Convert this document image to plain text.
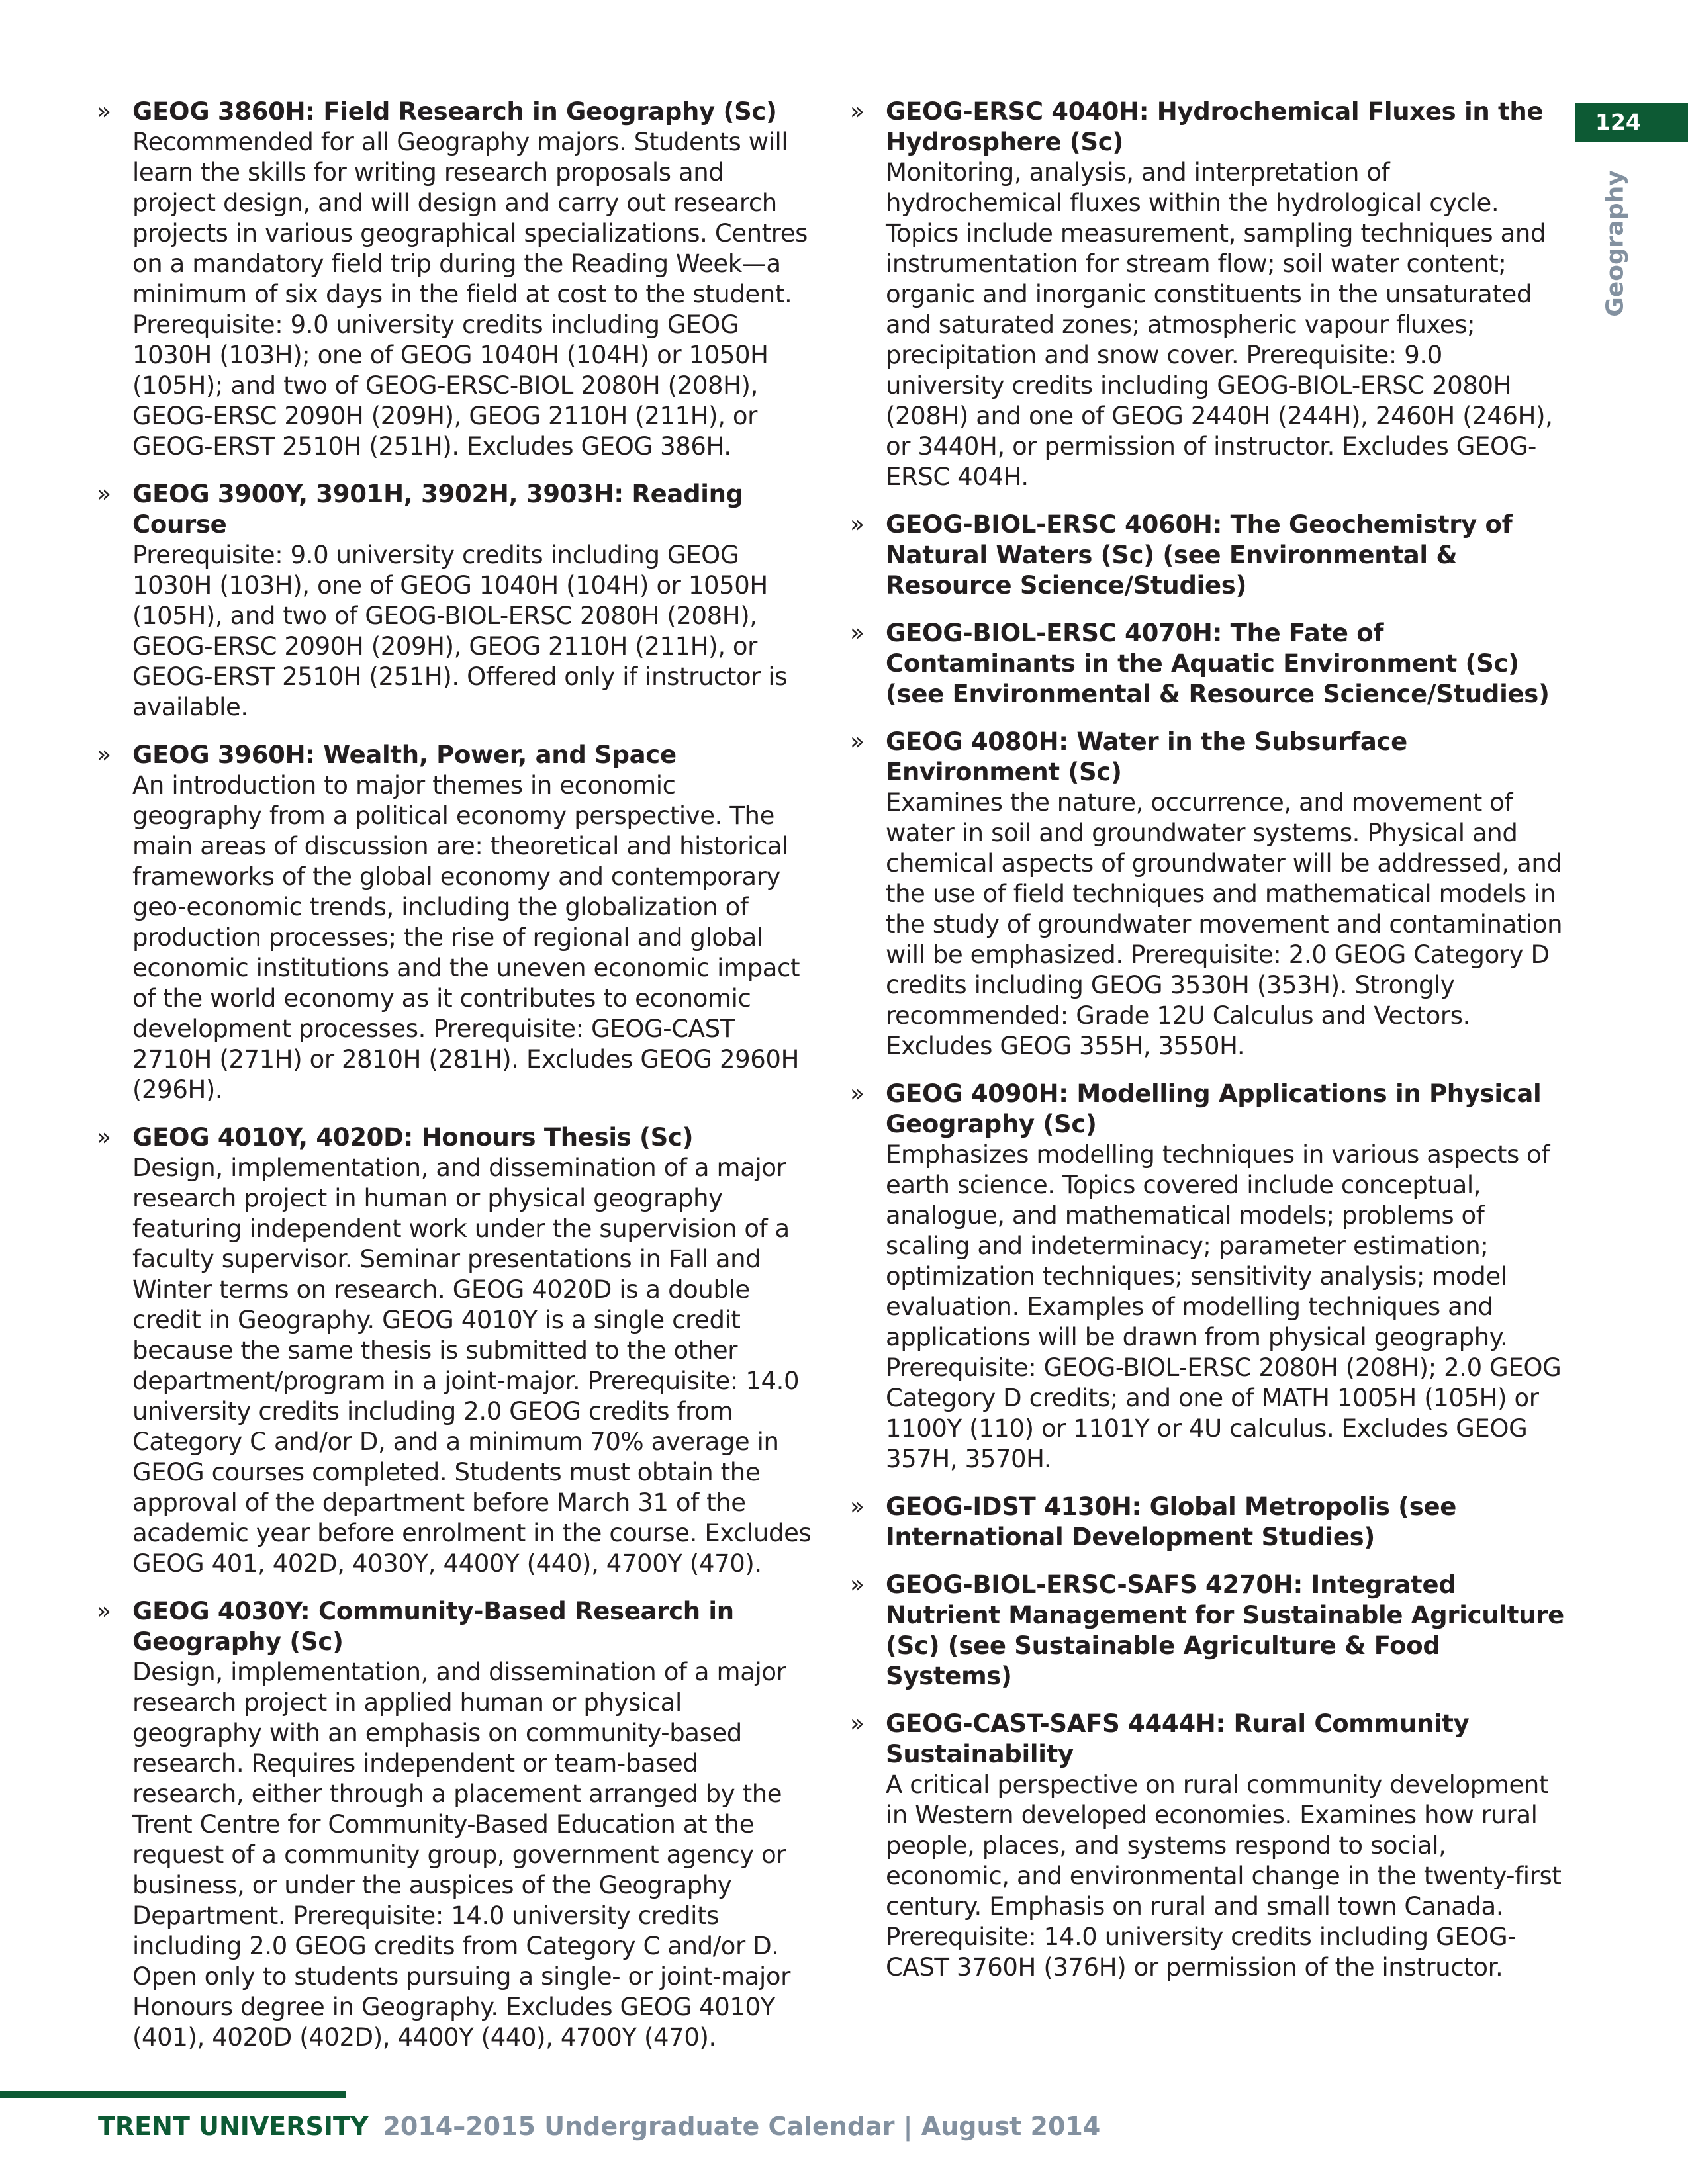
124
Geography
» GEOG 3860H: Field Research in Geography (Sc)
Recommended for all Geography majors. Students will learn the skills for writing research proposals and project design, and will design and carry out research projects in various geographical specializations. Centres on a mandatory field trip during the Reading Week—a minimum of six days in the field at cost to the student. Prerequisite: 9.0 university credits including GEOG 1030H (103H); one of GEOG 1040H (104H) or 1050H (105H); and two of GEOG-ERSC-BIOL 2080H (208H), GEOG-ERSC 2090H (209H), GEOG 2110H (211H), or GEOG-ERST 2510H (251H). Excludes GEOG 386H.
» GEOG 3900Y, 3901H, 3902H, 3903H: Reading Course
Prerequisite: 9.0 university credits including GEOG 1030H (103H), one of GEOG 1040H (104H) or 1050H (105H), and two of GEOG-BIOL-ERSC 2080H (208H), GEOG-ERSC 2090H (209H), GEOG 2110H (211H), or GEOG-ERST 2510H (251H). Offered only if instructor is available.
» GEOG 3960H: Wealth, Power, and Space
An introduction to major themes in economic geography from a political economy perspective. The main areas of discussion are: theoretical and historical frameworks of the global economy and contemporary geo-economic trends, including the globalization of production processes; the rise of regional and global economic institutions and the uneven economic impact of the world economy as it contributes to economic development processes. Prerequisite: GEOG-CAST 2710H (271H) or 2810H (281H). Excludes GEOG 2960H (296H).
» GEOG 4010Y, 4020D: Honours Thesis (Sc)
Design, implementation, and dissemination of a major research project in human or physical geography featuring independent work under the supervision of a faculty supervisor. Seminar presentations in Fall and Winter terms on research. GEOG 4020D is a double credit in Geography. GEOG 4010Y is a single credit because the same thesis is submitted to the other department/program in a joint-major. Prerequisite: 14.0 university credits including 2.0 GEOG credits from Category C and/or D, and a minimum 70% average in GEOG courses completed. Students must obtain the approval of the department before March 31 of the academic year before enrolment in the course. Excludes GEOG 401, 402D, 4030Y, 4400Y (440), 4700Y (470).
» GEOG 4030Y: Community-Based Research in Geography (Sc)
Design, implementation, and dissemination of a major research project in applied human or physical geography with an emphasis on community-based research. Requires independent or team-based research, either through a placement arranged by the Trent Centre for Community-Based Education at the request of a community group, government agency or business, or under the auspices of the Geography Department. Prerequisite: 14.0 university credits including 2.0 GEOG credits from Category C and/or D. Open only to students pursuing a single- or joint-major Honours degree in Geography. Excludes GEOG 4010Y (401), 4020D (402D), 4400Y (440), 4700Y (470).
» GEOG-ERSC 4040H: Hydrochemical Fluxes in the Hydrosphere (Sc)
Monitoring, analysis, and interpretation of hydrochemical fluxes within the hydrological cycle. Topics include measurement, sampling techniques and instrumentation for stream flow; soil water content; organic and inorganic constituents in the unsaturated and saturated zones; atmospheric vapour fluxes; precipitation and snow cover. Prerequisite: 9.0 university credits including GEOG-BIOL-ERSC 2080H (208H) and one of GEOG 2440H (244H), 2460H (246H), or 3440H, or permission of instructor. Excludes GEOG-ERSC 404H.
» GEOG-BIOL-ERSC 4060H: The Geochemistry of Natural Waters (Sc) (see Environmental & Resource Science/Studies)
» GEOG-BIOL-ERSC 4070H: The Fate of Contaminants in the Aquatic Environment (Sc) (see Environmental & Resource Science/Studies)
» GEOG 4080H: Water in the Subsurface Environment (Sc)
Examines the nature, occurrence, and movement of water in soil and groundwater systems. Physical and chemical aspects of groundwater will be addressed, and the use of field techniques and mathematical models in the study of groundwater movement and contamination will be emphasized. Prerequisite: 2.0 GEOG Category D credits including GEOG 3530H (353H). Strongly recommended: Grade 12U Calculus and Vectors. Excludes GEOG 355H, 3550H.
» GEOG 4090H: Modelling Applications in Physical Geography (Sc)
Emphasizes modelling techniques in various aspects of earth science. Topics covered include conceptual, analogue, and mathematical models; problems of scaling and indeterminacy; parameter estimation; optimization techniques; sensitivity analysis; model evaluation. Examples of modelling techniques and applications will be drawn from physical geography. Prerequisite: GEOG-BIOL-ERSC 2080H (208H); 2.0 GEOG Category D credits; and one of MATH 1005H (105H) or 1100Y (110) or 1101Y or 4U calculus. Excludes GEOG 357H, 3570H.
» GEOG-IDST 4130H: Global Metropolis (see International Development Studies)
» GEOG-BIOL-ERSC-SAFS 4270H: Integrated Nutrient Management for Sustainable Agriculture (Sc) (see Sustainable Agriculture & Food Systems)
» GEOG-CAST-SAFS 4444H: Rural Community Sustainability
A critical perspective on rural community development in Western developed economies. Examines how rural people, places, and systems respond to social, economic, and environmental change in the twenty-first century. Emphasis on rural and small town Canada. Prerequisite: 14.0 university credits including GEOG-CAST 3760H (376H) or permission of the instructor.
TRENT UNIVERSITY 2014–2015 Undergraduate Calendar | August 2014
